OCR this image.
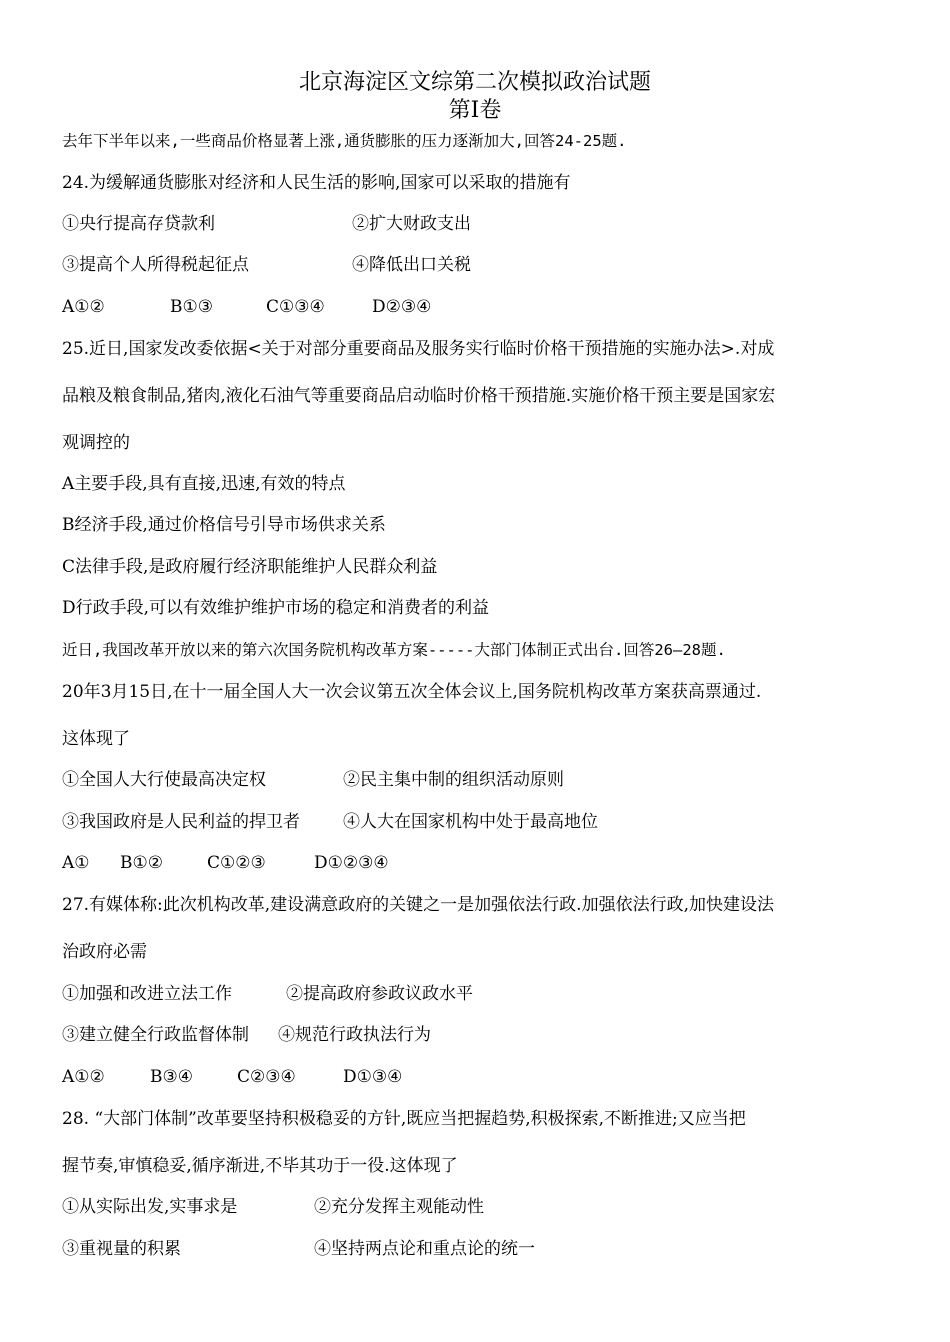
北京海淀区文综第二次模拟政治试题
第I卷
去年下半年以来,一些商品价格显著上涨,通货膨胀的压力逐渐加大,回答24-25题.
24.为缓解通货膨胀对经济和人民生活的影响,国家可以采取的措施有
①央行提高存贷款利	②扩大财政支出
③提高个人所得税起征点	④降低出口关税
A①②	B①③	C①③④	D②③④
25.近日,国家发改委依据<关于对部分重要商品及服务实行临时价格干预措施的实施办法>.对成
品粮及粮食制品,猪肉,液化石油气等重要商品启动临时价格干预措施.实施价格干预主要是国家宏
观调控的
A主要手段,具有直接,迅速,有效的特点
B经济手段,通过价格信号引导市场供求关系
C法律手段,是政府履行经济职能维护人民群众利益
D行政手段,可以有效维护维护市场的稳定和消费者的利益
近日,我国改革开放以来的第六次国务院机构改革方案-----大部门体制正式出台.回答26—28题.
20年3月15日,在十一届全国人大一次会议第五次全体会议上,国务院机构改革方案获高票通过.
这体现了
①全国人大行使最高决定权	②民主集中制的组织活动原则
③我国政府是人民利益的捍卫者	④人大在国家机构中处于最高地位
A① B①②	C①②③	D①②③④
27.有媒体称:此次机构改革,建设满意政府的关键之一是加强依法行政.加强依法行政,加快建设法
治政府必需
①加强和改进立法工作	②提高政府参政议政水平
③建立健全行政监督体制 ④规范行政执法行为
A①②	B③④	C②③④	D①③④
28. “大部门体制”改革要坚持积极稳妥的方针,既应当把握趋势,积极探索,不断推进;又应当把
握节奏,审慎稳妥,循序渐进,不毕其功于一役.这体现了
①从实际出发,实事求是	②充分发挥主观能动性
③重视量的积累	④坚持两点论和重点论的统一
